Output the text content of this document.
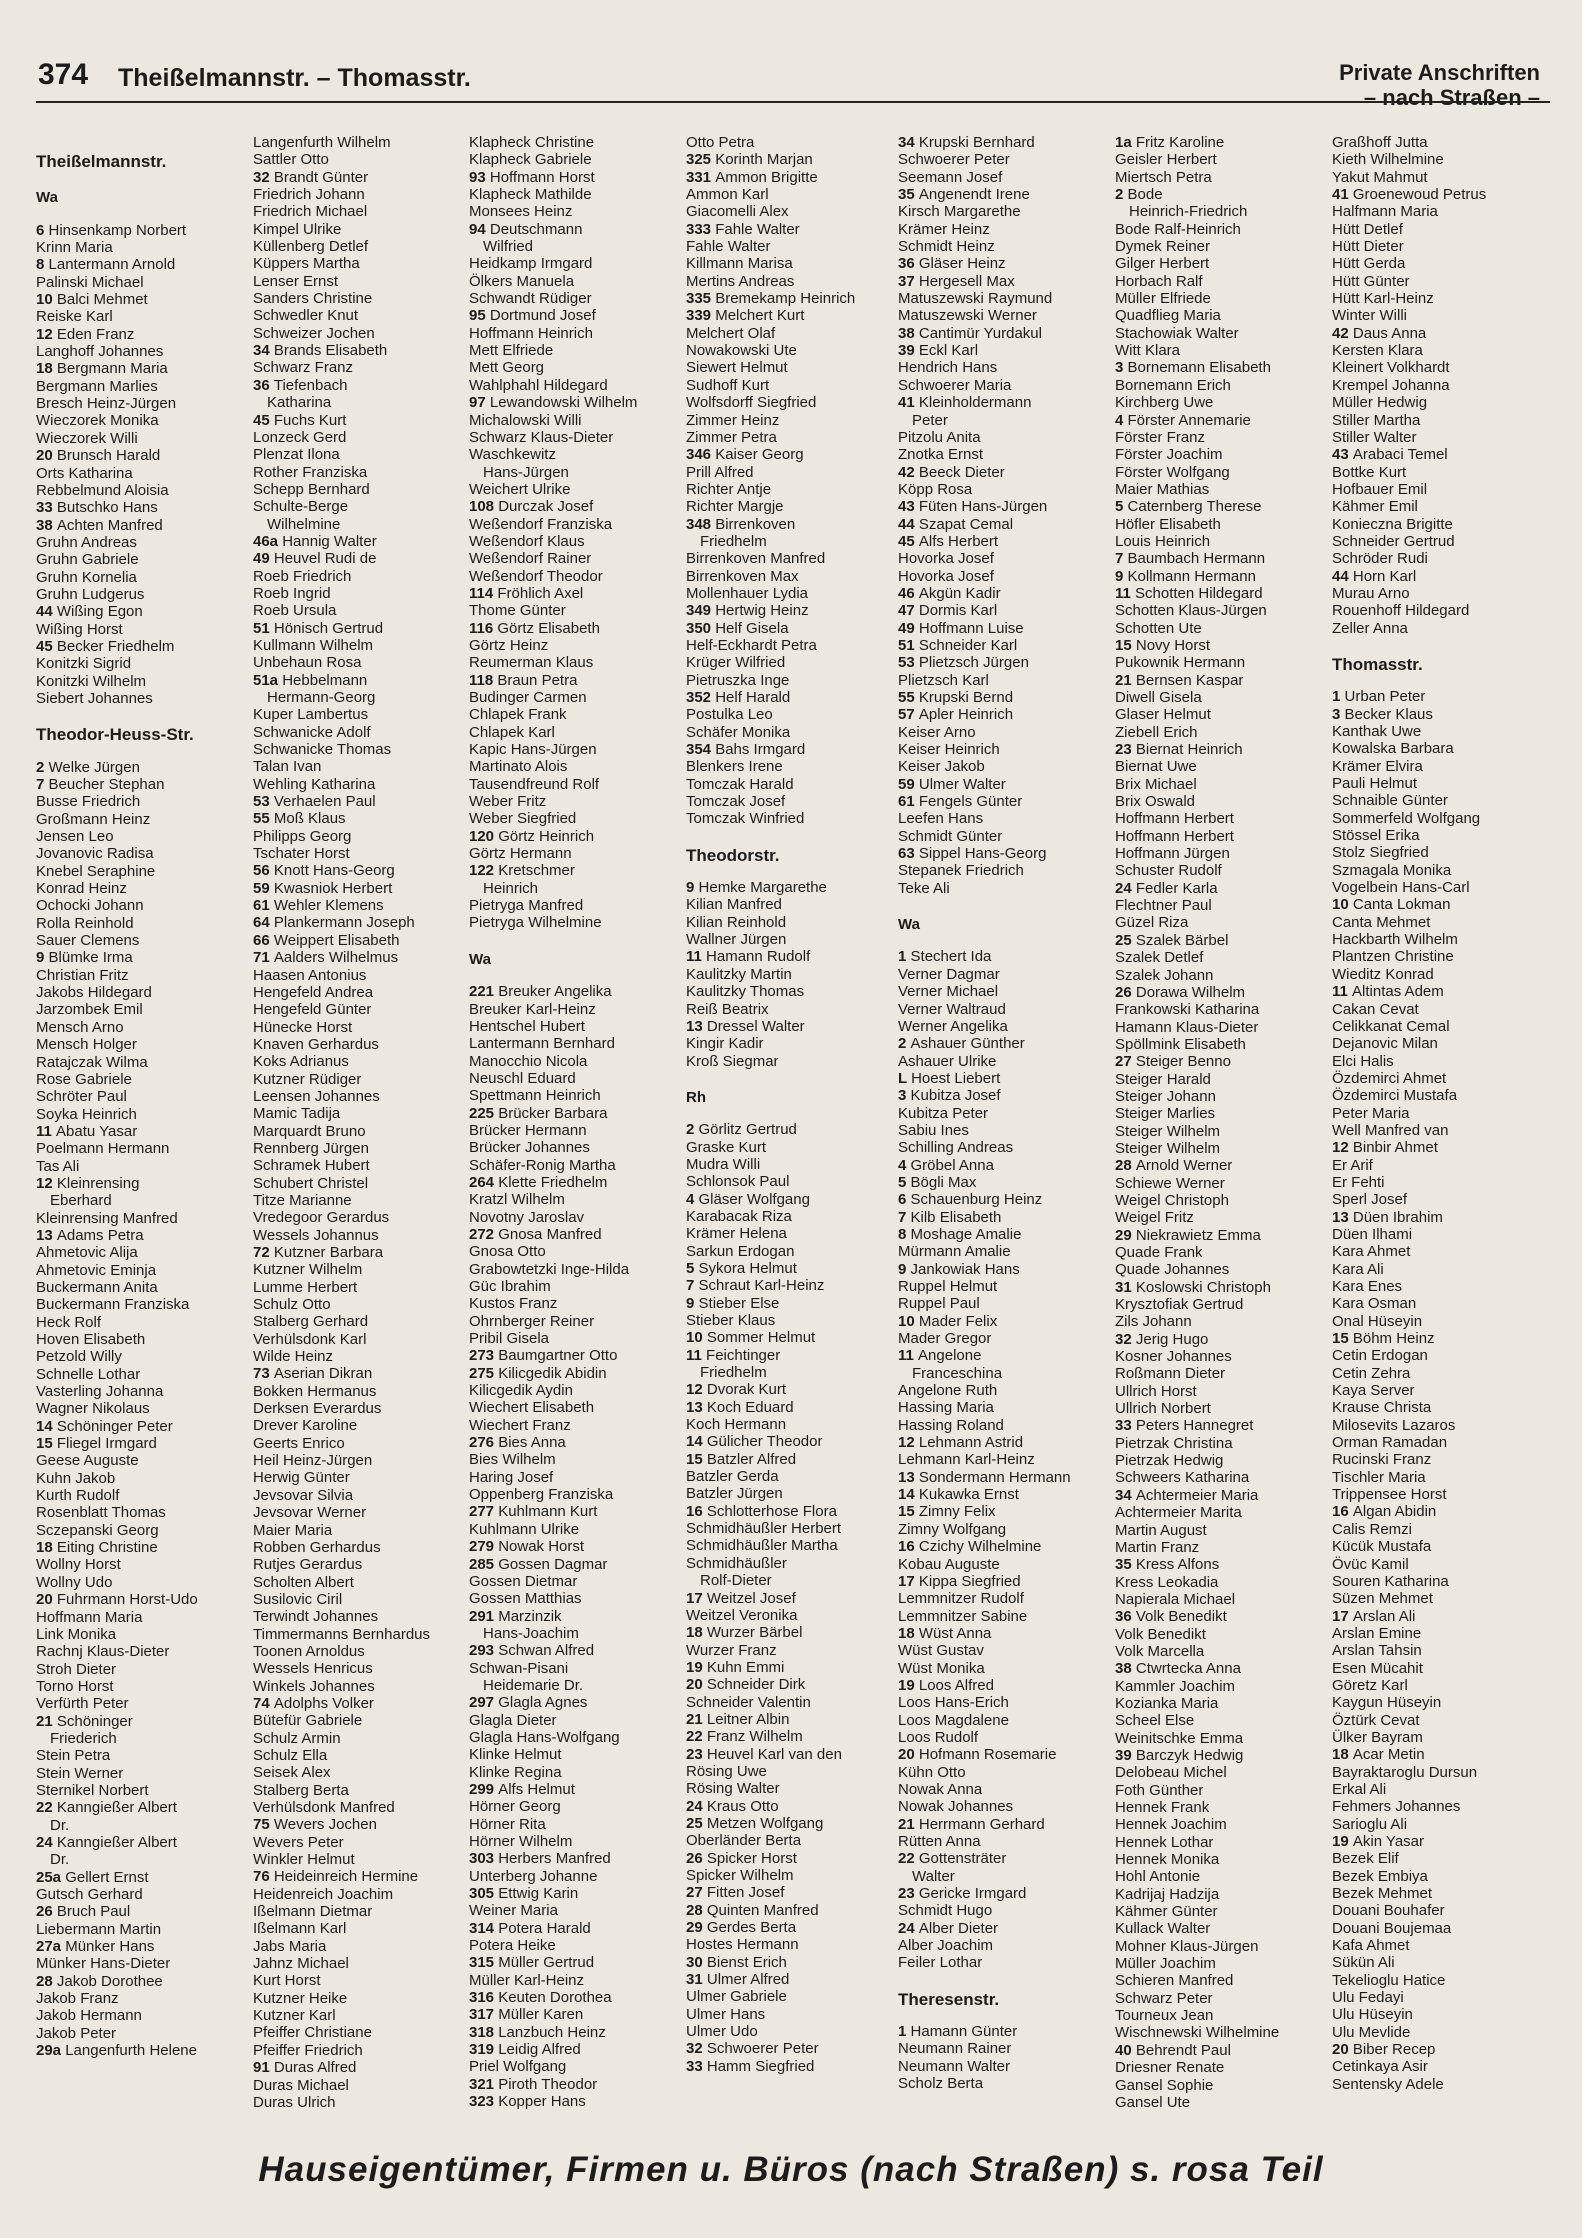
374 Theißelmannstr. – Thomasstr.	Private Anschriften
– nach Straßen –
Theißelmannstr.
Wa
6 Hinsenkamp Norbert
Krinn Maria
8 Lantermann Arnold
Palinski Michael
10 Balci Mehmet
Reiske Karl
12 Eden Franz
Langhoff Johannes
18 Bergmann Maria
Bergmann Marlies
Bresch Heinz-Jürgen
Wieczorek Monika
Wieczorek Willi
20 Brunsch Harald
Orts Katharina
Rebbelmund Aloisia
33 Butschko Hans
38 Achten Manfred
Gruhn Andreas
Gruhn Gabriele
Gruhn Kornelia
Gruhn Ludgerus
44 Wißing Egon
Wißing Horst
45 Becker Friedhelm
Konitzki Sigrid
Konitzki Wilhelm
Siebert Johannes
Theodor-Heuss-Str.
2 Welke Jürgen
7 Beucher Stephan
Busse Friedrich
Großmann Heinz
Jensen Leo
Jovanovic Radisa
Knebel Seraphine
Konrad Heinz
Ochocki Johann
Rolla Reinhold
Sauer Clemens
9 Blümke Irma
Christian Fritz
Jakobs Hildegard
Jarzombek Emil
Mensch Arno
Mensch Holger
Ratajczak Wilma
Rose Gabriele
Schröter Paul
Soyka Heinrich
11 Abatu Yasar
Poelmann Hermann
Tas Ali
12 Kleinrensing
Eberhard
Kleinrensing Manfred
13 Adams Petra
Ahmetovic Alija
Ahmetovic Eminja
Buckermann Anita
Buckermann Franziska
Heck Rolf
Hoven Elisabeth
Petzold Willy
Schnelle Lothar
Vasterling Johanna
Wagner Nikolaus
14 Schöninger Peter
15 Fliegel Irmgard
Geese Auguste
Kuhn Jakob
Kurth Rudolf
Rosenblatt Thomas
Sczepanski Georg
18 Eiting Christine
Wollny Horst
Wollny Udo
20 Fuhrmann Horst-Udo
Hoffmann Maria
Link Monika
Rachnj Klaus-Dieter
Stroh Dieter
Torno Horst
Verfürth Peter
21 Schöninger
Friederich
Stein Petra
Stein Werner
Sternikel Norbert
22 Kanngießer Albert
Dr.
24 Kanngießer Albert
Dr.
25a Gellert Ernst
Gutsch Gerhard
26 Bruch Paul
Liebermann Martin
27a Münker Hans
Münker Hans-Dieter
28 Jakob Dorothee
Jakob Franz
Jakob Hermann
Jakob Peter
29a Langenfurth Helene
Langenfurth Wilhelm
Sattler Otto
32 Brandt Günter
Friedrich Johann
Friedrich Michael
Kimpel Ulrike
Küllenberg Detlef
Küppers Martha
Lenser Ernst
Sanders Christine
Schwedler Knut
Schweizer Jochen
34 Brands Elisabeth
Schwarz Franz
36 Tiefenbach
Katharina
45 Fuchs Kurt
Lonzeck Gerd
Plenzat Ilona
Rother Franziska
Schepp Bernhard
Schulte-Berge
Wilhelmine
46a Hannig Walter
49 Heuvel Rudi de
Roeb Friedrich
Roeb Ingrid
Roeb Ursula
51 Hönisch Gertrud
Kullmann Wilhelm
Unbehaun Rosa
51a Hebbelmann
Hermann-Georg
Kuper Lambertus
Schwanicke Adolf
Schwanicke Thomas
Talan Ivan
Wehling Katharina
53 Verhaelen Paul
55 Moß Klaus
Philipps Georg
Tschater Horst
56 Knott Hans-Georg
59 Kwasniok Herbert
61 Wehler Klemens
64 Plankermann Joseph
66 Weippert Elisabeth
71 Aalders Wilhelmus
Haasen Antonius
Hengefeld Andrea
Hengefeld Günter
Hünecke Horst
Knaven Gerhardus
Koks Adrianus
Kutzner Rüdiger
Leensen Johannes
Mamic Tadija
Marquardt Bruno
Rennberg Jürgen
Schramek Hubert
Schubert Christel
Titze Marianne
Vredegoor Gerardus
Wessels Johannus
72 Kutzner Barbara
Kutzner Wilhelm
Lumme Herbert
Schulz Otto
Stalberg Gerhard
Verhülsdonk Karl
Wilde Heinz
73 Aserian Dikran
Bokken Hermanus
Derksen Everardus
Drever Karoline
Geerts Enrico
Heil Heinz-Jürgen
Herwig Günter
Jevsovar Silvia
Jevsovar Werner
Maier Maria
Robben Gerhardus
Rutjes Gerardus
Scholten Albert
Susilovic Ciril
Terwindt Johannes
Timmermanns Bernhardus
Toonen Arnoldus
Wessels Henricus
Winkels Johannes
74 Adolphs Volker
Bütefür Gabriele
Schulz Armin
Schulz Ella
Seisek Alex
Stalberg Berta
Verhülsdonk Manfred
75 Wevers Jochen
Wevers Peter
Winkler Helmut
76 Heideinreich Hermine
Heidenreich Joachim
Ißelmann Dietmar
Ißelmann Karl
Jabs Maria
Jahnz Michael
Kurt Horst
Kutzner Heike
Kutzner Karl
Pfeiffer Christiane
Pfeiffer Friedrich
91 Duras Alfred
Duras Michael
Duras Ulrich
Klapheck Christine
Klapheck Gabriele
93 Hoffmann Horst
Klapheck Mathilde
Monsees Heinz
94 Deutschmann
Wilfried
Heidkamp Irmgard
Ölkers Manuela
Schwandt Rüdiger
95 Dortmund Josef
Hoffmann Heinrich
Mett Elfriede
Mett Georg
Wahlphahl Hildegard
97 Lewandowski Wilhelm
Michalowski Willi
Schwarz Klaus-Dieter
Waschkewitz
Hans-Jürgen
Weichert Ulrike
108 Durczak Josef
Weßendorf Franziska
Weßendorf Klaus
Weßendorf Rainer
Weßendorf Theodor
114 Fröhlich Axel
Thome Günter
116 Görtz Elisabeth
Görtz Heinz
Reumerman Klaus
118 Braun Petra
Budinger Carmen
Chlapek Frank
Chlapek Karl
Kapic Hans-Jürgen
Martinato Alois
Tausendfreund Rolf
Weber Fritz
Weber Siegfried
120 Görtz Heinrich
Görtz Hermann
122 Kretschmer
Heinrich
Pietryga Manfred
Pietryga Wilhelmine
Wa
221 Breuker Angelika
Breuker Karl-Heinz
Hentschel Hubert
Lantermann Bernhard
Manocchio Nicola
Neuschl Eduard
Spettmann Heinrich
225 Brücker Barbara
Brücker Hermann
Brücker Johannes
Schäfer-Ronig Martha
264 Klette Friedhelm
Kratzl Wilhelm
Novotny Jaroslav
272 Gnosa Manfred
Gnosa Otto
Grabowtetzki Inge-Hilda
Güc Ibrahim
Kustos Franz
Ohrnberger Reiner
Pribil Gisela
273 Baumgartner Otto
275 Kilicgedik Abidin
Kilicgedik Aydin
Wiechert Elisabeth
Wiechert Franz
276 Bies Anna
Bies Wilhelm
Haring Josef
Oppenberg Franziska
277 Kuhlmann Kurt
Kuhlmann Ulrike
279 Nowak Horst
285 Gossen Dagmar
Gossen Dietmar
Gossen Matthias
291 Marzinzik
Hans-Joachim
293 Schwan Alfred
Schwan-Pisani
Heidemarie Dr.
297 Glagla Agnes
Glagla Dieter
Glagla Hans-Wolfgang
Klinke Helmut
Klinke Regina
299 Alfs Helmut
Hörner Georg
Hörner Rita
Hörner Wilhelm
303 Herbers Manfred
Unterberg Johanne
305 Ettwig Karin
Weiner Maria
314 Potera Harald
Potera Heike
315 Müller Gertrud
Müller Karl-Heinz
316 Keuten Dorothea
317 Müller Karen
318 Lanzbuch Heinz
319 Leidig Alfred
Priel Wolfgang
321 Piroth Theodor
323 Kopper Hans
Otto Petra
325 Korinth Marjan
331 Ammon Brigitte
Ammon Karl
Giacomelli Alex
333 Fahle Walter
Fahle Walter
Killmann Marisa
Mertins Andreas
335 Bremekamp Heinrich
339 Melchert Kurt
Melchert Olaf
Nowakowski Ute
Siewert Helmut
Sudhoff Kurt
Wolfsdorff Siegfried
Zimmer Heinz
Zimmer Petra
346 Kaiser Georg
Prill Alfred
Richter Antje
Richter Margje
348 Birrenkoven
Friedhelm
Birrenkoven Manfred
Birrenkoven Max
Mollenhauer Lydia
349 Hertwig Heinz
350 Helf Gisela
Helf-Eckhardt Petra
Krüger Wilfried
Pietruszka Inge
352 Helf Harald
Postulka Leo
Schäfer Monika
354 Bahs Irmgard
Blenkers Irene
Tomczak Harald
Tomczak Josef
Tomczak Winfried
Theodorstr.
9 Hemke Margarethe
Kilian Manfred
Kilian Reinhold
Wallner Jürgen
11 Hamann Rudolf
Kaulitzky Martin
Kaulitzky Thomas
Reiß Beatrix
13 Dressel Walter
Kingir Kadir
Kroß Siegmar
Rh
2 Görlitz Gertrud
Graske Kurt
Mudra Willi
Schlonsok Paul
4 Gläser Wolfgang
Karabacak Riza
Krämer Helena
Sarkun Erdogan
5 Sykora Helmut
7 Schraut Karl-Heinz
9 Stieber Else
Stieber Klaus
10 Sommer Helmut
11 Feichtinger
Friedhelm
12 Dvorak Kurt
13 Koch Eduard
Koch Hermann
14 Gülicher Theodor
15 Batzler Alfred
Batzler Gerda
Batzler Jürgen
16 Schlotterhose Flora
Schmidhäußler Herbert
Schmidhäußler Martha
Schmidhäußler
Rolf-Dieter
17 Weitzel Josef
Weitzel Veronika
18 Wurzer Bärbel
Wurzer Franz
19 Kuhn Emmi
20 Schneider Dirk
Schneider Valentin
21 Leitner Albin
22 Franz Wilhelm
23 Heuvel Karl van den
Rösing Uwe
Rösing Walter
24 Kraus Otto
25 Metzen Wolfgang
Oberländer Berta
26 Spicker Horst
Spicker Wilhelm
27 Fitten Josef
28 Quinten Manfred
29 Gerdes Berta
Hostes Hermann
30 Bienst Erich
31 Ulmer Alfred
Ulmer Gabriele
Ulmer Hans
Ulmer Udo
32 Schwoerer Peter
33 Hamm Siegfried
34 Krupski Bernhard
Schwoerer Peter
Seemann Josef
35 Angenendt Irene
Kirsch Margarethe
Krämer Heinz
Schmidt Heinz
36 Gläser Heinz
37 Hergesell Max
Matuszewski Raymund
Matuszewski Werner
38 Cantimür Yurdakul
39 Eckl Karl
Hendrich Hans
Schwoerer Maria
41 Kleinholdermann
Peter
Pitzolu Anita
Znotka Ernst
42 Beeck Dieter
Köpp Rosa
43 Füten Hans-Jürgen
44 Szapat Cemal
45 Alfs Herbert
Hovorka Josef
Hovorka Josef
46 Akgün Kadir
47 Dormis Karl
49 Hoffmann Luise
51 Schneider Karl
53 Plietzsch Jürgen
Plietzsch Karl
55 Krupski Bernd
57 Apler Heinrich
Keiser Arno
Keiser Heinrich
Keiser Jakob
59 Ulmer Walter
61 Fengels Günter
Leefen Hans
Schmidt Günter
63 Sippel Hans-Georg
Stepanek Friedrich
Teke Ali
Wa
1 Stechert Ida
Verner Dagmar
Verner Michael
Verner Waltraud
Werner Angelika
2 Ashauer Günther
Ashauer Ulrike
L Hoest Liebert
3 Kubitza Josef
Kubitza Peter
Sabiu Ines
Schilling Andreas
4 Gröbel Anna
5 Bögli Max
6 Schauenburg Heinz
7 Kilb Elisabeth
8 Moshage Amalie
Mürmann Amalie
9 Jankowiak Hans
Ruppel Helmut
Ruppel Paul
10 Mader Felix
Mader Gregor
11 Angelone
Franceschina
Angelone Ruth
Hassing Maria
Hassing Roland
12 Lehmann Astrid
Lehmann Karl-Heinz
13 Sondermann Hermann
14 Kukawka Ernst
15 Zimny Felix
Zimny Wolfgang
16 Czichy Wilhelmine
Kobau Auguste
17 Kippa Siegfried
Lemmnitzer Rudolf
Lemmnitzer Sabine
18 Wüst Anna
Wüst Gustav
Wüst Monika
19 Loos Alfred
Loos Hans-Erich
Loos Magdalene
Loos Rudolf
20 Hofmann Rosemarie
Kühn Otto
Nowak Anna
Nowak Johannes
21 Herrmann Gerhard
Rütten Anna
22 Gottensträter
Walter
23 Gericke Irmgard
Schmidt Hugo
24 Alber Dieter
Alber Joachim
Feiler Lothar
Theresenstr.
1 Hamann Günter
Neumann Rainer
Neumann Walter
Scholz Berta
1a Fritz Karoline
Geisler Herbert
Miertsch Petra
2 Bode
Heinrich-Friedrich
Bode Ralf-Heinrich
Dymek Reiner
Gilger Herbert
Horbach Ralf
Müller Elfriede
Quadflieg Maria
Stachowiak Walter
Witt Klara
3 Bornemann Elisabeth
Bornemann Erich
Kirchberg Uwe
4 Förster Annemarie
Förster Franz
Förster Joachim
Förster Wolfgang
Maier Mathias
5 Caternberg Therese
Höfler Elisabeth
Louis Heinrich
7 Baumbach Hermann
9 Kollmann Hermann
11 Schotten Hildegard
Schotten Klaus-Jürgen
Schotten Ute
15 Novy Horst
Pukownik Hermann
21 Bernsen Kaspar
Diwell Gisela
Glaser Helmut
Ziebell Erich
23 Biernat Heinrich
Biernat Uwe
Brix Michael
Brix Oswald
Hoffmann Herbert
Hoffmann Herbert
Hoffmann Jürgen
Schuster Rudolf
24 Fedler Karla
Flechtner Paul
Güzel Riza
25 Szalek Bärbel
Szalek Detlef
Szalek Johann
26 Dorawa Wilhelm
Frankowski Katharina
Hamann Klaus-Dieter
Spöllmink Elisabeth
27 Steiger Benno
Steiger Harald
Steiger Johann
Steiger Marlies
Steiger Wilhelm
Steiger Wilhelm
28 Arnold Werner
Schiewe Werner
Weigel Christoph
Weigel Fritz
29 Niekrawietz Emma
Quade Frank
Quade Johannes
31 Koslowski Christoph
Krysztofiak Gertrud
Zils Johann
32 Jerig Hugo
Kosner Johannes
Roßmann Dieter
Ullrich Horst
Ullrich Norbert
33 Peters Hannegret
Pietrzak Christina
Pietrzak Hedwig
Schweers Katharina
34 Achtermeier Maria
Achtermeier Marita
Martin August
Martin Franz
35 Kress Alfons
Kress Leokadia
Napierala Michael
36 Volk Benedikt
Volk Benedikt
Volk Marcella
38 Ctwrtecka Anna
Kammler Joachim
Kozianka Maria
Scheel Else
Weinitschke Emma
39 Barczyk Hedwig
Delobeau Michel
Foth Günther
Hennek Frank
Hennek Joachim
Hennek Lothar
Hennek Monika
Hohl Antonie
Kadrijaj Hadzija
Kähmer Günter
Kullack Walter
Mohner Klaus-Jürgen
Müller Joachim
Schieren Manfred
Schwarz Peter
Tourneux Jean
Wischnewski Wilhelmine
40 Behrendt Paul
Driesner Renate
Gansel Sophie
Gansel Ute
Graßhoff Jutta
Kieth Wilhelmine
Yakut Mahmut
41 Groenewoud Petrus
Halfmann Maria
Hütt Detlef
Hütt Dieter
Hütt Gerda
Hütt Günter
Hütt Karl-Heinz
Winter Willi
42 Daus Anna
Kersten Klara
Kleinert Volkhardt
Krempel Johanna
Müller Hedwig
Stiller Martha
Stiller Walter
43 Arabaci Temel
Bottke Kurt
Hofbauer Emil
Kähmer Emil
Konieczna Brigitte
Schneider Gertrud
Schröder Rudi
44 Horn Karl
Murau Arno
Rouenhoff Hildegard
Zeller Anna
Thomasstr.
1 Urban Peter
3 Becker Klaus
Kanthak Uwe
Kowalska Barbara
Krämer Elvira
Pauli Helmut
Schnaible Günter
Sommerfeld Wolfgang
Stössel Erika
Stolz Siegfried
Szmagala Monika
Vogelbein Hans-Carl
10 Canta Lokman
Canta Mehmet
Hackbarth Wilhelm
Plantzen Christine
Wieditz Konrad
11 Altintas Adem
Cakan Cevat
Celikkanat Cemal
Dejanovic Milan
Elci Halis
Özdemirci Ahmet
Özdemirci Mustafa
Peter Maria
Well Manfred van
12 Binbir Ahmet
Er Arif
Er Fehti
Sperl Josef
13 Düen Ibrahim
Düen Ilhami
Kara Ahmet
Kara Ali
Kara Enes
Kara Osman
Onal Hüseyin
15 Böhm Heinz
Cetin Erdogan
Cetin Zehra
Kaya Server
Krause Christa
Milosevits Lazaros
Orman Ramadan
Rucinski Franz
Tischler Maria
Trippensee Horst
16 Algan Abidin
Calis Remzi
Kücük Mustafa
Övüc Kamil
Souren Katharina
Süzen Mehmet
17 Arslan Ali
Arslan Emine
Arslan Tahsin
Esen Mücahit
Göretz Karl
Kaygun Hüseyin
Öztürk Cevat
Ülker Bayram
18 Acar Metin
Bayraktaroglu Dursun
Erkal Ali
Fehmers Johannes
Sarioglu Ali
19 Akin Yasar
Bezek Elif
Bezek Embiya
Bezek Mehmet
Douani Bouhafer
Douani Boujemaa
Kafa Ahmet
Sükün Ali
Tekelioglu Hatice
Ulu Fedayi
Ulu Hüseyin
Ulu Mevlide
20 Biber Recep
Cetinkaya Asir
Sentensky Adele
Hauseigentümer, Firmen u. Büros (nach Straßen) s. rosa Teil
